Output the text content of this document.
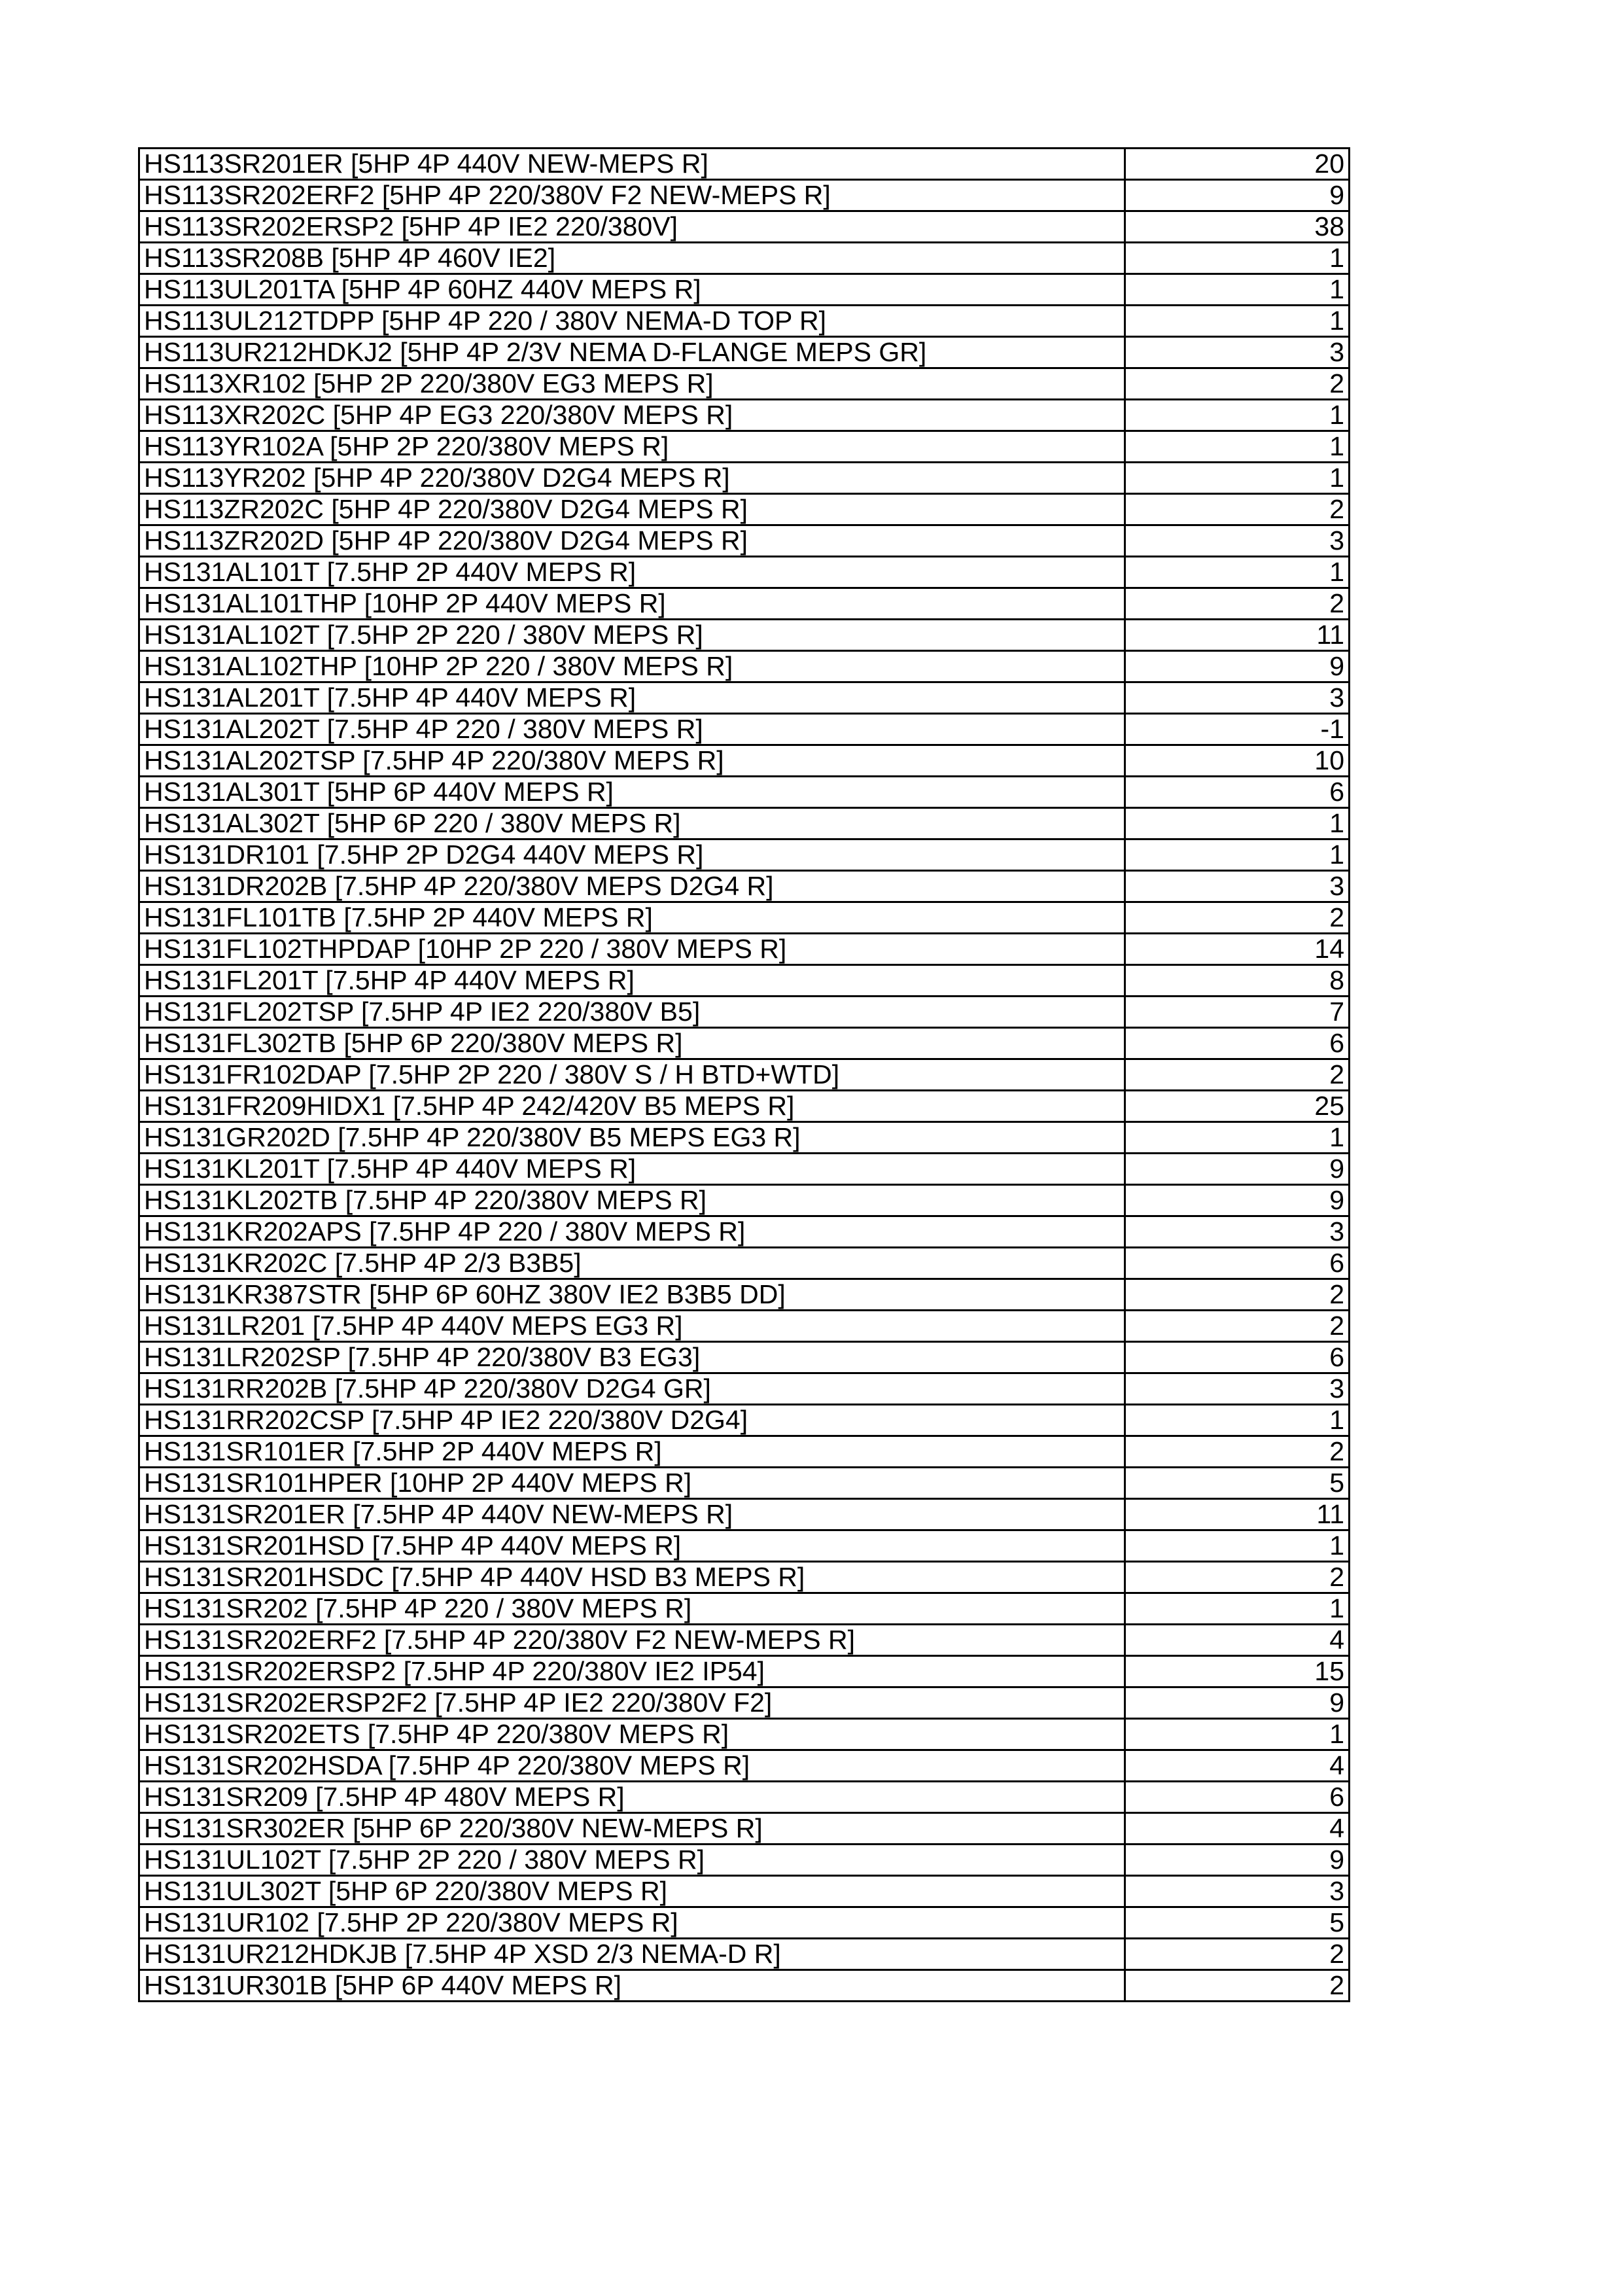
HS113SR201ER [5HP 4P 440V NEW-MEPS R]	20
HS113SR202ERF2 [5HP 4P 220/380V F2 NEW-MEPS R]	9
HS113SR202ERSP2 [5HP 4P IE2 220/380V]	38
HS113SR208B [5HP 4P 460V IE2]	1
HS113UL201TA [5HP 4P 60HZ 440V MEPS R]	1
HS113UL212TDPP [5HP 4P 220 / 380V NEMA-D TOP R]	1
HS113UR212HDKJ2 [5HP 4P 2/3V NEMA D-FLANGE MEPS GR]	3
HS113XR102 [5HP 2P 220/380V EG3 MEPS R]	2
HS113XR202C [5HP 4P EG3 220/380V MEPS R]	1
HS113YR102A [5HP 2P 220/380V MEPS R]	1
HS113YR202 [5HP 4P 220/380V D2G4 MEPS R]	1
HS113ZR202C [5HP 4P 220/380V D2G4 MEPS R]	2
HS113ZR202D [5HP 4P 220/380V D2G4 MEPS R]	3
HS131AL101T [7.5HP 2P 440V MEPS R]	1
HS131AL101THP [10HP 2P 440V MEPS R]	2
HS131AL102T [7.5HP 2P 220 / 380V MEPS R]	11
HS131AL102THP [10HP 2P 220 / 380V MEPS R]	9
HS131AL201T [7.5HP 4P 440V MEPS R]	3
HS131AL202T [7.5HP 4P 220 / 380V MEPS R]	-1
HS131AL202TSP [7.5HP 4P 220/380V MEPS R]	10
HS131AL301T [5HP 6P 440V MEPS R]	6
HS131AL302T [5HP 6P 220 / 380V MEPS R]	1
HS131DR101 [7.5HP 2P D2G4 440V MEPS R]	1
HS131DR202B [7.5HP 4P 220/380V MEPS D2G4 R]	3
HS131FL101TB [7.5HP 2P 440V MEPS R]	2
HS131FL102THPDAP [10HP 2P 220 / 380V MEPS R]	14
HS131FL201T [7.5HP 4P 440V MEPS R]	8
HS131FL202TSP [7.5HP 4P IE2 220/380V B5]	7
HS131FL302TB [5HP 6P 220/380V MEPS R]	6
HS131FR102DAP [7.5HP 2P 220 / 380V S / H BTD+WTD]	2
HS131FR209HIDX1 [7.5HP 4P 242/420V B5 MEPS R]	25
HS131GR202D [7.5HP 4P 220/380V B5 MEPS EG3 R]	1
HS131KL201T [7.5HP 4P 440V MEPS R]	9
HS131KL202TB [7.5HP 4P 220/380V MEPS R]	9
HS131KR202APS [7.5HP 4P 220 / 380V MEPS R]	3
HS131KR202C [7.5HP 4P 2/3 B3B5]	6
HS131KR387STR [5HP 6P 60HZ 380V IE2 B3B5 DD]	2
HS131LR201 [7.5HP 4P 440V MEPS EG3 R]	2
HS131LR202SP [7.5HP 4P 220/380V B3 EG3]	6
HS131RR202B [7.5HP 4P 220/380V D2G4 GR]	3
HS131RR202CSP [7.5HP 4P IE2 220/380V D2G4]	1
HS131SR101ER [7.5HP 2P 440V MEPS R]	2
HS131SR101HPER [10HP 2P 440V MEPS R]	5
HS131SR201ER [7.5HP 4P 440V NEW-MEPS R]	11
HS131SR201HSD [7.5HP 4P 440V MEPS R]	1
HS131SR201HSDC [7.5HP 4P 440V HSD B3 MEPS R]	2
HS131SR202 [7.5HP 4P 220 / 380V MEPS R]	1
HS131SR202ERF2 [7.5HP 4P 220/380V F2 NEW-MEPS R]	4
HS131SR202ERSP2 [7.5HP 4P 220/380V IE2 IP54]	15
HS131SR202ERSP2F2 [7.5HP 4P IE2 220/380V F2]	9
HS131SR202ETS [7.5HP 4P 220/380V MEPS R]	1
HS131SR202HSDA [7.5HP 4P 220/380V MEPS R]	4
HS131SR209 [7.5HP 4P 480V MEPS R]	6
HS131SR302ER [5HP 6P 220/380V NEW-MEPS R]	4
HS131UL102T [7.5HP 2P 220 / 380V MEPS R]	9
HS131UL302T [5HP 6P 220/380V MEPS R]	3
HS131UR102 [7.5HP 2P 220/380V MEPS R]	5
HS131UR212HDKJB [7.5HP 4P XSD 2/3 NEMA-D R]	2
HS131UR301B [5HP 6P 440V MEPS R]	2
